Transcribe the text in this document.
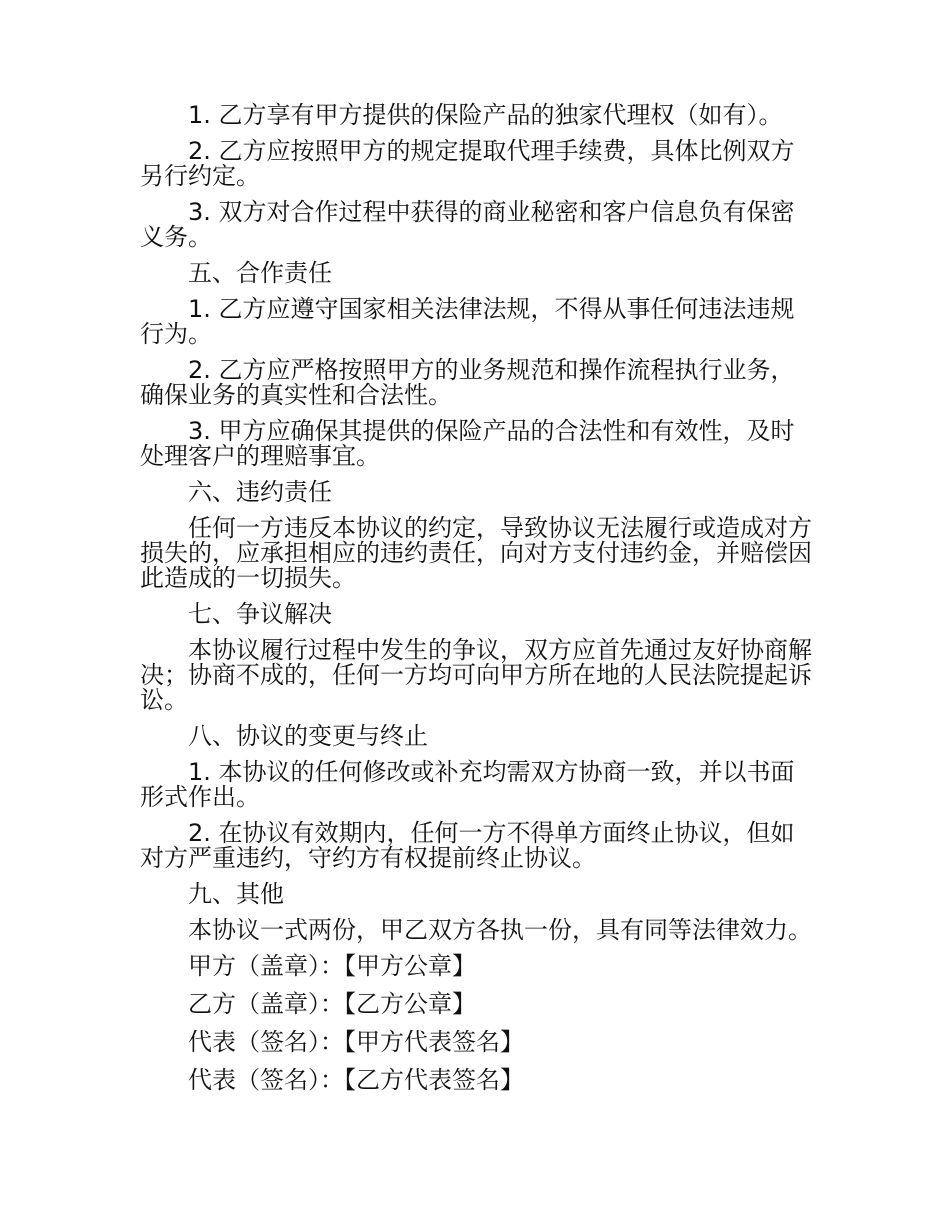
1. 乙方享有甲方提供的保险产品的独家代理权（如有）。

2. 乙方应按照甲方的规定提取代理手续费，具体比例双方另行约定。

3. 双方对合作过程中获得的商业秘密和客户信息负有保密义务。

五、合作责任

1. 乙方应遵守国家相关法律法规，不得从事任何违法违规行为。

2. 乙方应严格按照甲方的业务规范和操作流程执行业务，确保业务的真实性和合法性。

3. 甲方应确保其提供的保险产品的合法性和有效性，及时处理客户的理赔事宜。

六、违约责任

任何一方违反本协议的约定，导致协议无法履行或造成对方损失的，应承担相应的违约责任，向对方支付违约金，并赔偿因此造成的一切损失。

七、争议解决

本协议履行过程中发生的争议，双方应首先通过友好协商解决；协商不成的，任何一方均可向甲方所在地的人民法院提起诉讼。

八、协议的变更与终止

1. 本协议的任何修改或补充均需双方协商一致，并以书面形式作出。

2. 在协议有效期内，任何一方不得单方面终止协议，但如对方严重违约，守约方有权提前终止协议。

九、其他

本协议一式两份，甲乙双方各执一份，具有同等法律效力。

甲方（盖章）：【甲方公章】

乙方（盖章）：【乙方公章】

代表（签名）：【甲方代表签名】

代表（签名）：【乙方代表签名】
